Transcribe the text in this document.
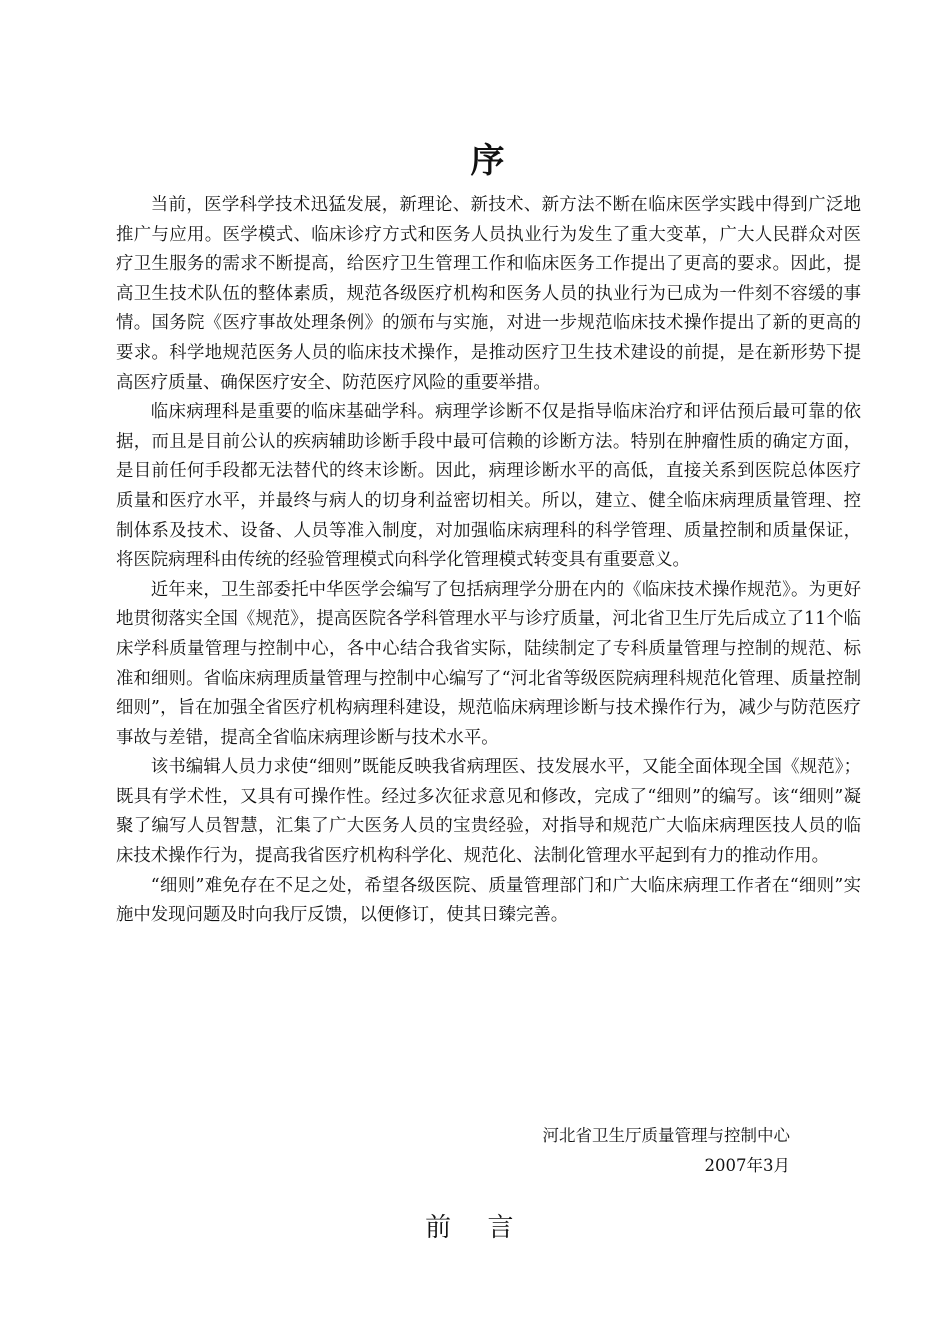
序

当前，医学科学技术迅猛发展，新理论、新技术、新方法不断在临床医学实践中得到广泛地推广与应用。医学模式、临床诊疗方式和医务人员执业行为发生了重大变革，广大人民群众对医疗卫生服务的需求不断提高，给医疗卫生管理工作和临床医务工作提出了更高的要求。因此，提高卫生技术队伍的整体素质，规范各级医疗机构和医务人员的执业行为已成为一件刻不容缓的事情。国务院《医疗事故处理条例》的颁布与实施，对进一步规范临床技术操作提出了新的更高的要求。科学地规范医务人员的临床技术操作，是推动医疗卫生技术建设的前提，是在新形势下提高医疗质量、确保医疗安全、防范医疗风险的重要举措。

临床病理科是重要的临床基础学科。病理学诊断不仅是指导临床治疗和评估预后最可靠的依据，而且是目前公认的疾病辅助诊断手段中最可信赖的诊断方法。特别在肿瘤性质的确定方面，是目前任何手段都无法替代的终末诊断。因此，病理诊断水平的高低，直接关系到医院总体医疗质量和医疗水平，并最终与病人的切身利益密切相关。所以，建立、健全临床病理质量管理、控制体系及技术、设备、人员等准入制度，对加强临床病理科的科学管理、质量控制和质量保证，将医院病理科由传统的经验管理模式向科学化管理模式转变具有重要意义。

近年来，卫生部委托中华医学会编写了包括病理学分册在内的《临床技术操作规范》。为更好地贯彻落实全国《规范》，提高医院各学科管理水平与诊疗质量，河北省卫生厅先后成立了11个临床学科质量管理与控制中心，各中心结合我省实际，陆续制定了专科质量管理与控制的规范、标准和细则。省临床病理质量管理与控制中心编写了“河北省等级医院病理科规范化管理、质量控制细则”，旨在加强全省医疗机构病理科建设，规范临床病理诊断与技术操作行为，减少与防范医疗事故与差错，提高全省临床病理诊断与技术水平。

该书编辑人员力求使“细则”既能反映我省病理医、技发展水平，又能全面体现全国《规范》；既具有学术性，又具有可操作性。经过多次征求意见和修改，完成了“细则”的编写。该“细则”凝聚了编写人员智慧，汇集了广大医务人员的宝贵经验，对指导和规范广大临床病理医技人员的临床技术操作行为，提高我省医疗机构科学化、规范化、法制化管理水平起到有力的推动作用。

“细则”难免存在不足之处，希望各级医院、质量管理部门和广大临床病理工作者在“细则”实施中发现问题及时向我厅反馈，以便修订，使其日臻完善。

河北省卫生厅质量管理与控制中心
2007年3月
前言
